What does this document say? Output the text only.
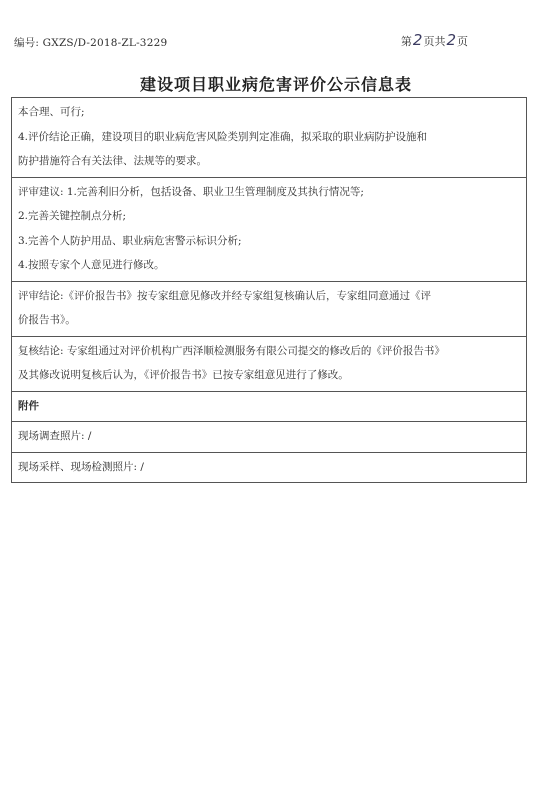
编号: GXZS/D-2018-ZL-3229	第2页共2页
建设项目职业病危害评价公示信息表
本合理、可行;
4.评价结论正确，建设项目的职业病危害风险类别判定准确，拟采取的职业病防护设施和
防护措施符合有关法律、法规等的要求。

评审建议: 1.完善利旧分析，包括设备、职业卫生管理制度及其执行情况等;
2.完善关键控制点分析;
3.完善个人防护用品、职业病危害警示标识分析;
4.按照专家个人意见进行修改。

评审结论:《评价报告书》按专家组意见修改并经专家组复核确认后，专家组同意通过《评
价报告书》。

复核结论: 专家组通过对评价机构广西泽顺检测服务有限公司提交的修改后的《评价报告书》
及其修改说明复核后认为，《评价报告书》已按专家组意见进行了修改。

附件
现场调查照片: /
现场采样、现场检测照片: /
